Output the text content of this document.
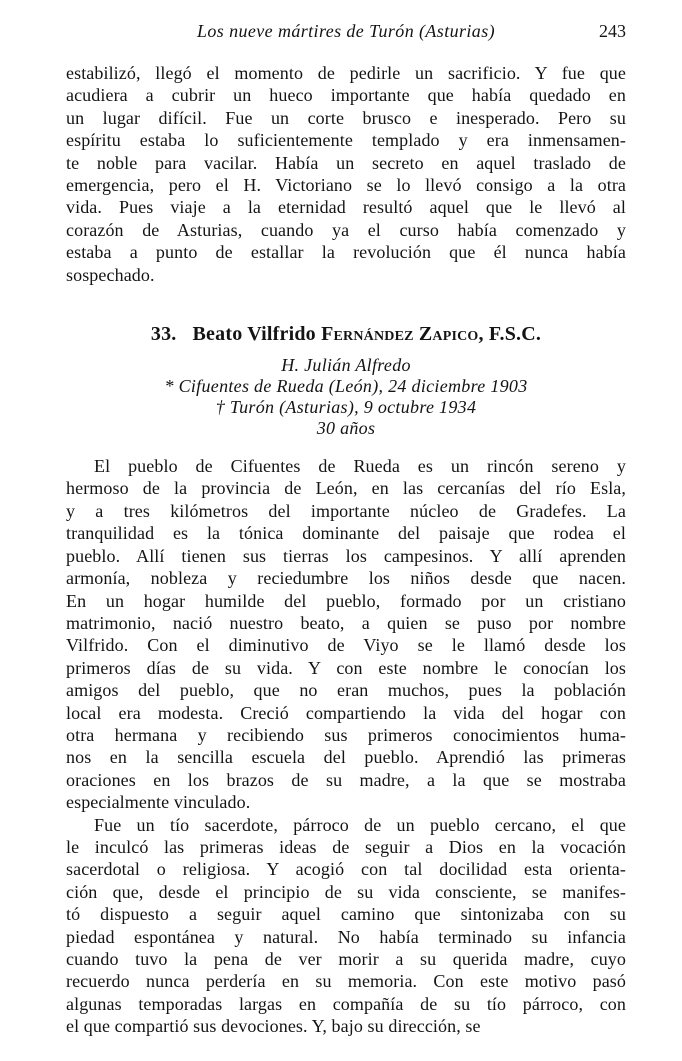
Los nueve mártires de Turón (Asturias)	243
estabilizó, llegó el momento de pedirle un sacrificio. Y fue que
acudiera a cubrir un hueco importante que había quedado en
un lugar difícil. Fue un corte brusco e inesperado. Pero su
espíritu estaba lo suficientemente templado y era inmensamen-
te noble para vacilar. Había un secreto en aquel traslado de
emergencia, pero el H. Victoriano se lo llevó consigo a la otra
vida. Pues viaje a la eternidad resultó aquel que le llevó al
corazón de Asturias, cuando ya el curso había comenzado y
estaba a punto de estallar la revolución que él nunca había
sospechado.
33. Beato Vilfrido Fernández Zapico, F.S.C.
H. Julián Alfredo
* Cifuentes de Rueda (León), 24 diciembre 1903
† Turón (Asturias), 9 octubre 1934
30 años
El pueblo de Cifuentes de Rueda es un rincón sereno y
hermoso de la provincia de León, en las cercanías del río Esla,
y a tres kilómetros del importante núcleo de Gradefes. La
tranquilidad es la tónica dominante del paisaje que rodea el
pueblo. Allí tienen sus tierras los campesinos. Y allí aprenden
armonía, nobleza y reciedumbre los niños desde que nacen.
En un hogar humilde del pueblo, formado por un cristiano
matrimonio, nació nuestro beato, a quien se puso por nombre
Vilfrido. Con el diminutivo de Viyo se le llamó desde los
primeros días de su vida. Y con este nombre le conocían los
amigos del pueblo, que no eran muchos, pues la población
local era modesta. Creció compartiendo la vida del hogar con
otra hermana y recibiendo sus primeros conocimientos huma-
nos en la sencilla escuela del pueblo. Aprendió las primeras
oraciones en los brazos de su madre, a la que se mostraba
especialmente vinculado.
Fue un tío sacerdote, párroco de un pueblo cercano, el que
le inculcó las primeras ideas de seguir a Dios en la vocación
sacerdotal o religiosa. Y acogió con tal docilidad esta orienta-
ción que, desde el principio de su vida consciente, se manifes-
tó dispuesto a seguir aquel camino que sintonizaba con su
piedad espontánea y natural. No había terminado su infancia
cuando tuvo la pena de ver morir a su querida madre, cuyo
recuerdo nunca perdería en su memoria. Con este motivo pasó
algunas temporadas largas en compañía de su tío párroco, con
el que compartió sus devociones. Y, bajo su dirección, se
